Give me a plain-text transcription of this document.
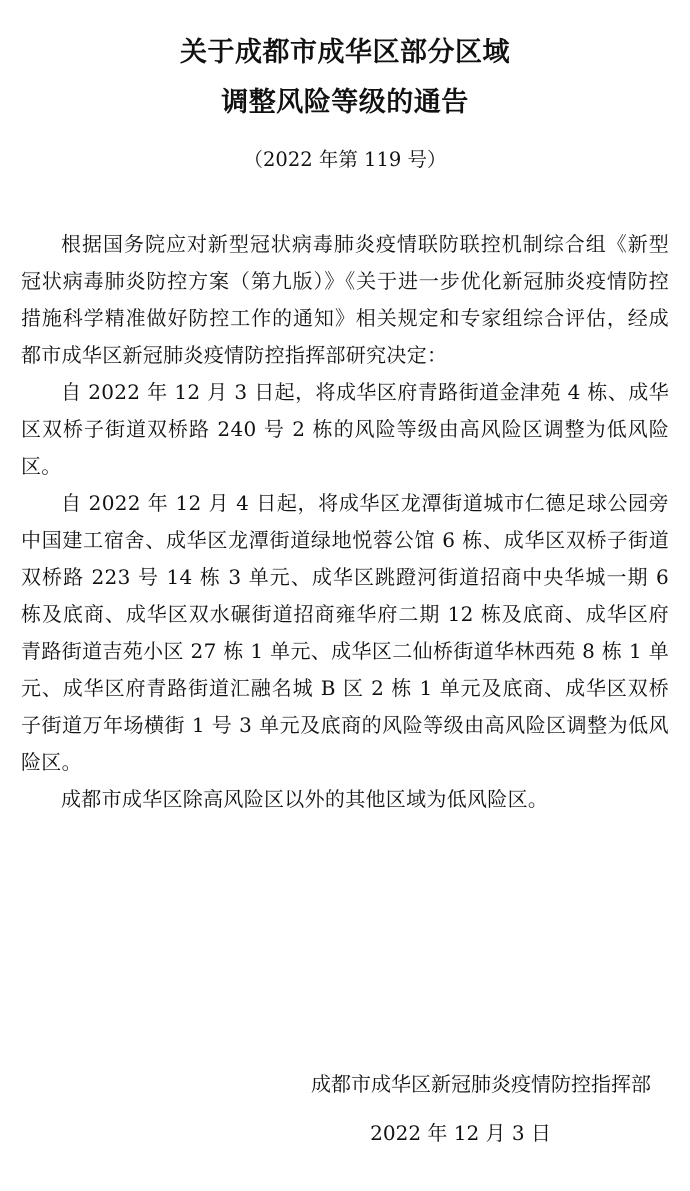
关于成都市成华区部分区域
调整风险等级的通告
（2022 年第 119 号）

根据国务院应对新型冠状病毒肺炎疫情联防联控机制综合组《新型冠状病毒肺炎防控方案（第九版）》《关于进一步优化新冠肺炎疫情防控措施科学精准做好防控工作的通知》相关规定和专家组综合评估，经成都市成华区新冠肺炎疫情防控指挥部研究决定：

自 2022 年 12 月 3 日起，将成华区府青路街道金津苑 4 栋、成华区双桥子街道双桥路 240 号 2 栋的风险等级由高风险区调整为低风险区。

自 2022 年 12 月 4 日起，将成华区龙潭街道城市仁德足球公园旁中国建工宿舍、成华区龙潭街道绿地悦蓉公馆 6 栋、成华区双桥子街道双桥路 223 号 14 栋 3 单元、成华区跳蹬河街道招商中央华城一期 6 栋及底商、成华区双水碾街道招商雍华府二期 12 栋及底商、成华区府青路街道吉苑小区 27 栋 1 单元、成华区二仙桥街道华林西苑 8 栋 1 单元、成华区府青路街道汇融名城 B 区 2 栋 1 单元及底商、成华区双桥子街道万年场横街 1 号 3 单元及底商的风险等级由高风险区调整为低风险区。

成都市成华区除高风险区以外的其他区域为低风险区。

成都市成华区新冠肺炎疫情防控指挥部
2022 年 12 月 3 日
